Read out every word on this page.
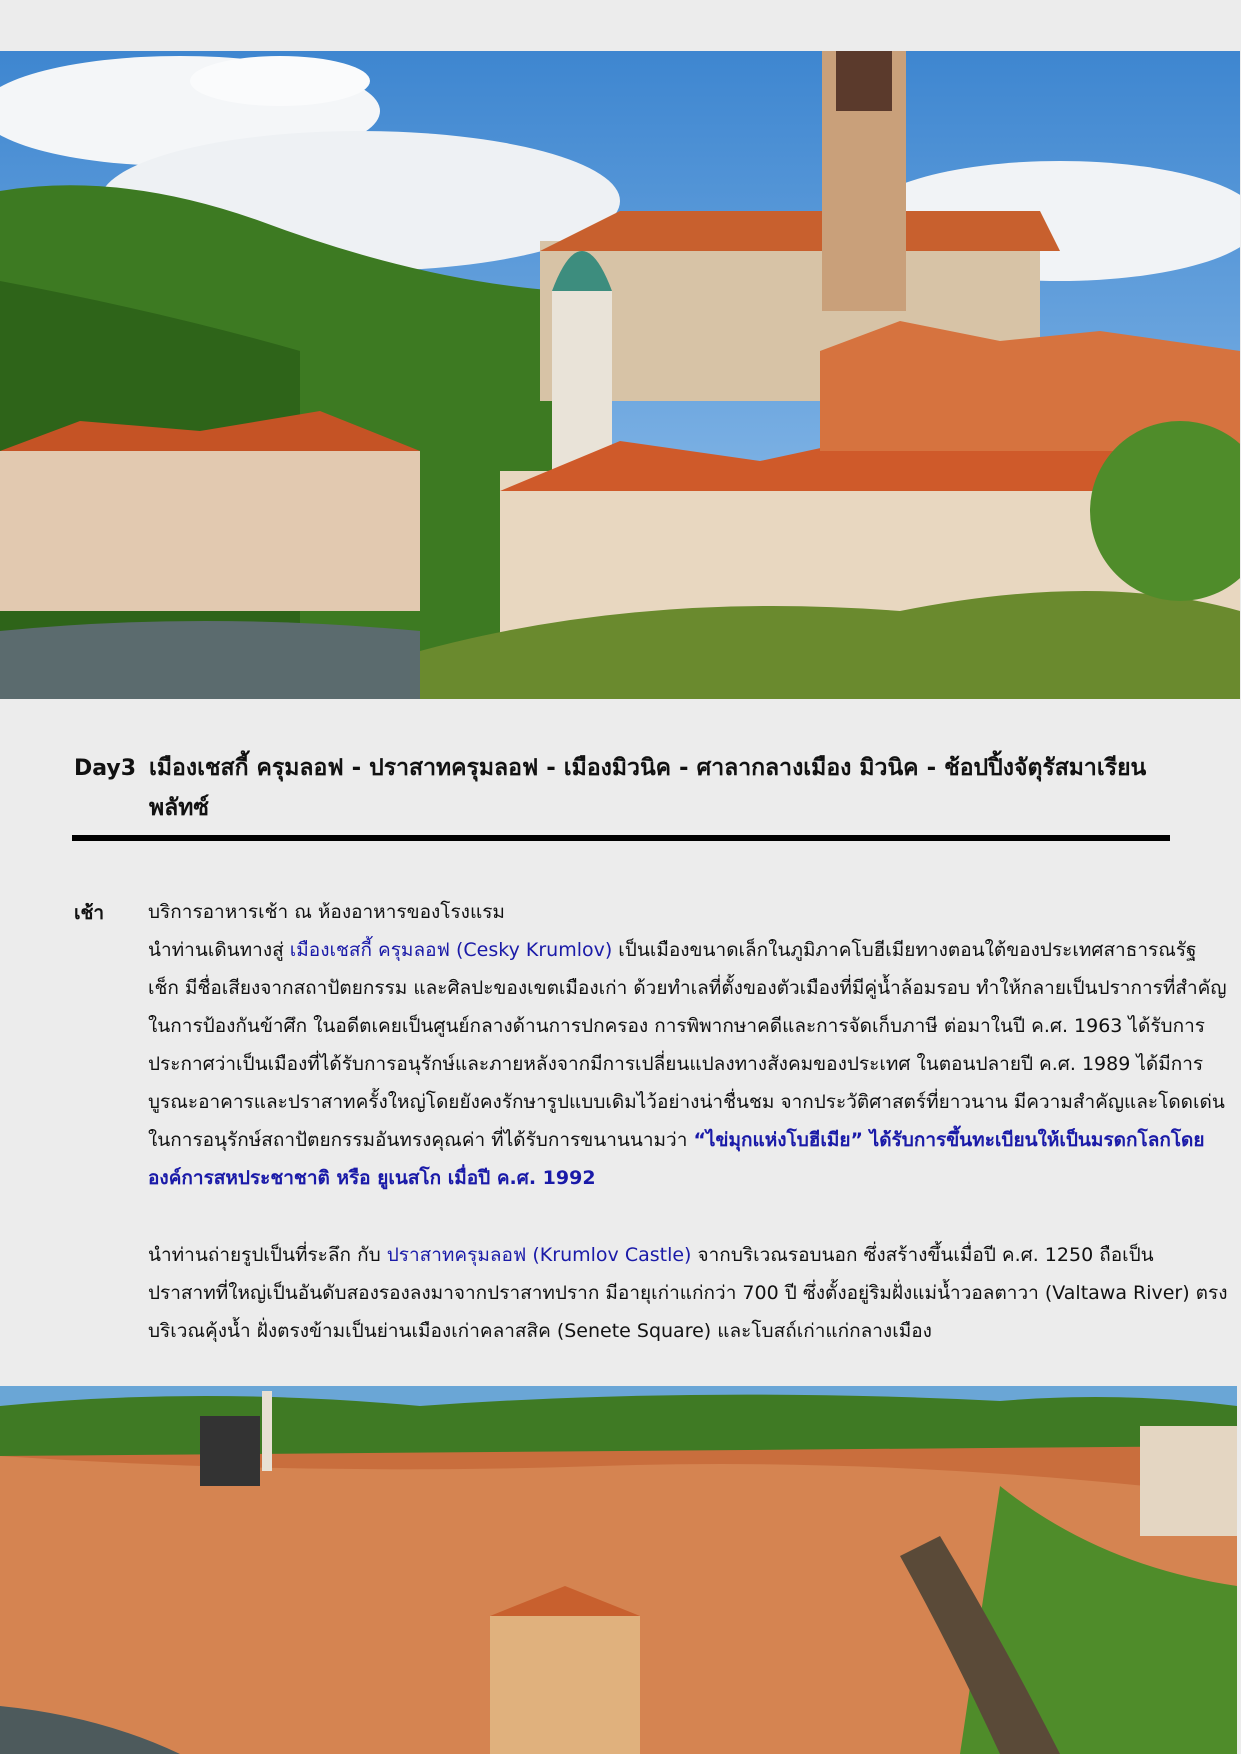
Day3 เมืองเชสกี้ ครุมลอฟ - ปราสาทครุมลอฟ - เมืองมิวนิค - ศาลากลางเมือง มิวนิค - ช้อปปิ้งจัตุรัสมาเรียนพลัทซ์
เช้า บริการอาหารเช้า ณ ห้องอาหารของโรงแรม
นำท่านเดินทางสู่ เมืองเชสกี้ ครุมลอฟ (Cesky Krumlov) เป็นเมืองขนาดเล็กในภูมิภาคโบฮีเมียทางตอนใต้ของประเทศสาธารณรัฐ
เช็ก มีชื่อเสียงจากสถาปัตยกรรม และศิลปะของเขตเมืองเก่า ด้วยทำเลที่ตั้งของตัวเมืองที่มีคู่น้ำล้อมรอบ ทำให้กลายเป็นปราการที่สำคัญ
ในการป้องกันข้าศึก ในอดีตเคยเป็นศูนย์กลางด้านการปกครอง การพิพากษาคดีและการจัดเก็บภาษี ต่อมาในปี ค.ศ. 1963 ได้รับการ
ประกาศว่าเป็นเมืองที่ได้รับการอนุรักษ์และภายหลังจากมีการเปลี่ยนแปลงทางสังคมของประเทศ ในตอนปลายปี ค.ศ. 1989 ได้มีการ
บูรณะอาคารและปราสาทครั้งใหญ่โดยยังคงรักษารูปแบบเดิมไว้อย่างน่าชื่นชม จากประวัติศาสตร์ที่ยาวนาน มีความสำคัญและโดดเด่น
ในการอนุรักษ์สถาปัตยกรรมอันทรงคุณค่า ที่ได้รับการขนานนามว่า “ไข่มุกแห่งโบฮีเมีย” ได้รับการขึ้นทะเบียนให้เป็นมรดกโลกโดย
องค์การสหประชาชาติ หรือ ยูเนสโก เมื่อปี ค.ศ. 1992
นำท่านถ่ายรูปเป็นที่ระลึก กับ ปราสาทครุมลอฟ (Krumlov Castle) จากบริเวณรอบนอก ซึ่งสร้างขึ้นเมื่อปี ค.ศ. 1250 ถือเป็น
ปราสาทที่ใหญ่เป็นอันดับสองรองลงมาจากปราสาทปราก มีอายุเก่าแก่กว่า 700 ปี ซึ่งตั้งอยู่ริมฝั่งแม่น้ำวอลตาวา (Valtawa River) ตรง
บริเวณคุ้งน้ำ ฝั่งตรงข้ามเป็นย่านเมืองเก่าคลาสสิค (Senete Square) และโบสถ์เก่าแก่กลางเมือง
